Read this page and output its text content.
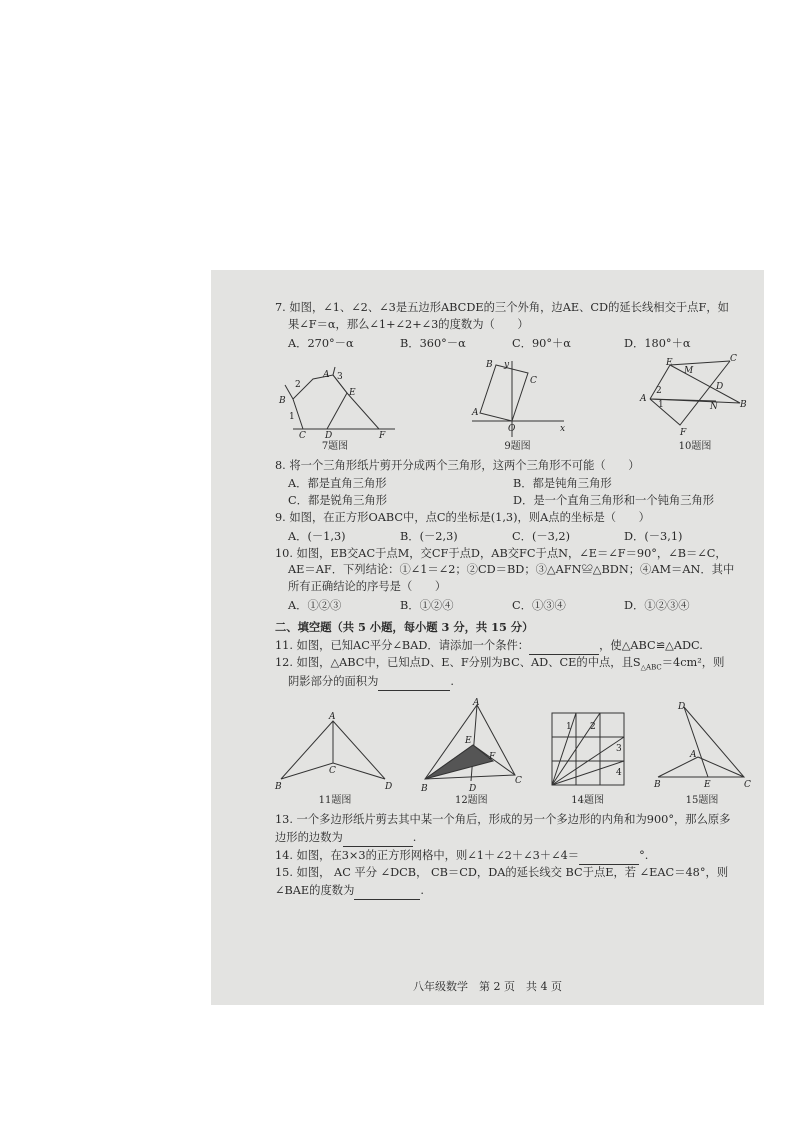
7. 如图，∠1、∠2、∠3是五边形ABCDE的三个外角，边AE、CD的延长线相交于点F，如

果∠F＝α，那么∠1+∠2+∠3的度数为（　　）

A．270°－α	B．360°－α	C．90°＋α	D．180°＋α
B
C D	F
E
A
2
3
1
7题图
x
y
O
A
B
C
9题图
A
E	C
M
D
N B
F
2
1
10题图

8. 将一个三角形纸片剪开分成两个三角形，这两个三角形不可能（　　）

A．都是直角三角形	B．都是钝角三角形
C．都是锐角三角形	D．是一个直角三角形和一个钝角三角形

9. 如图，在正方形OABC中，点C的坐标是(1,3)，则A点的坐标是（　　）

A．(－1,3)	B．(－2,3)	C．(－3,2)	D．(－3,1)

10. 如图，EB交AC于点M，交CF于点D，AB交FC于点N，∠E＝∠F＝90°，∠B＝∠C，

AE＝AF．下列结论：①∠1＝∠2；②CD＝BD；③△AFN≌△BDN；④AM＝AN．其中

所有正确结论的序号是（　　）

A．①②③	B．①②④	C．①③④	D．①②③④

二、填空题（共 5 小题，每小题 3 分，共 15 分）

11. 如图，已知AC平分∠BAD．请添加一个条件：	，使△ABC≌△ADC.

12. 如图，△ABC中，已知点D、E、F分别为BC、AD、CE的中点，且$S_{\triangle ABC}=4cm^2$，则

阴影部分的面积为	.

A
B
C
D
11题图
A
B
C
D
E
F
12题图
1 2
3
4
14题图
D
A
B	E	C
15题图

13. 一个多边形纸片剪去其中某一个角后，形成的另一个多边形的内角和为900°，那么原多

边形的边数为	.

14. 如图，在3×3的正方形网格中，则∠1＋∠2＋∠3＋∠4＝	°.

15. 如图， AC 平分 ∠DCB， CB＝CD，DA的延长线交 BC于点E，若 ∠EAC＝48°，则

∠BAE的度数为	.

八年级数学　第 2 页　共 4 页
